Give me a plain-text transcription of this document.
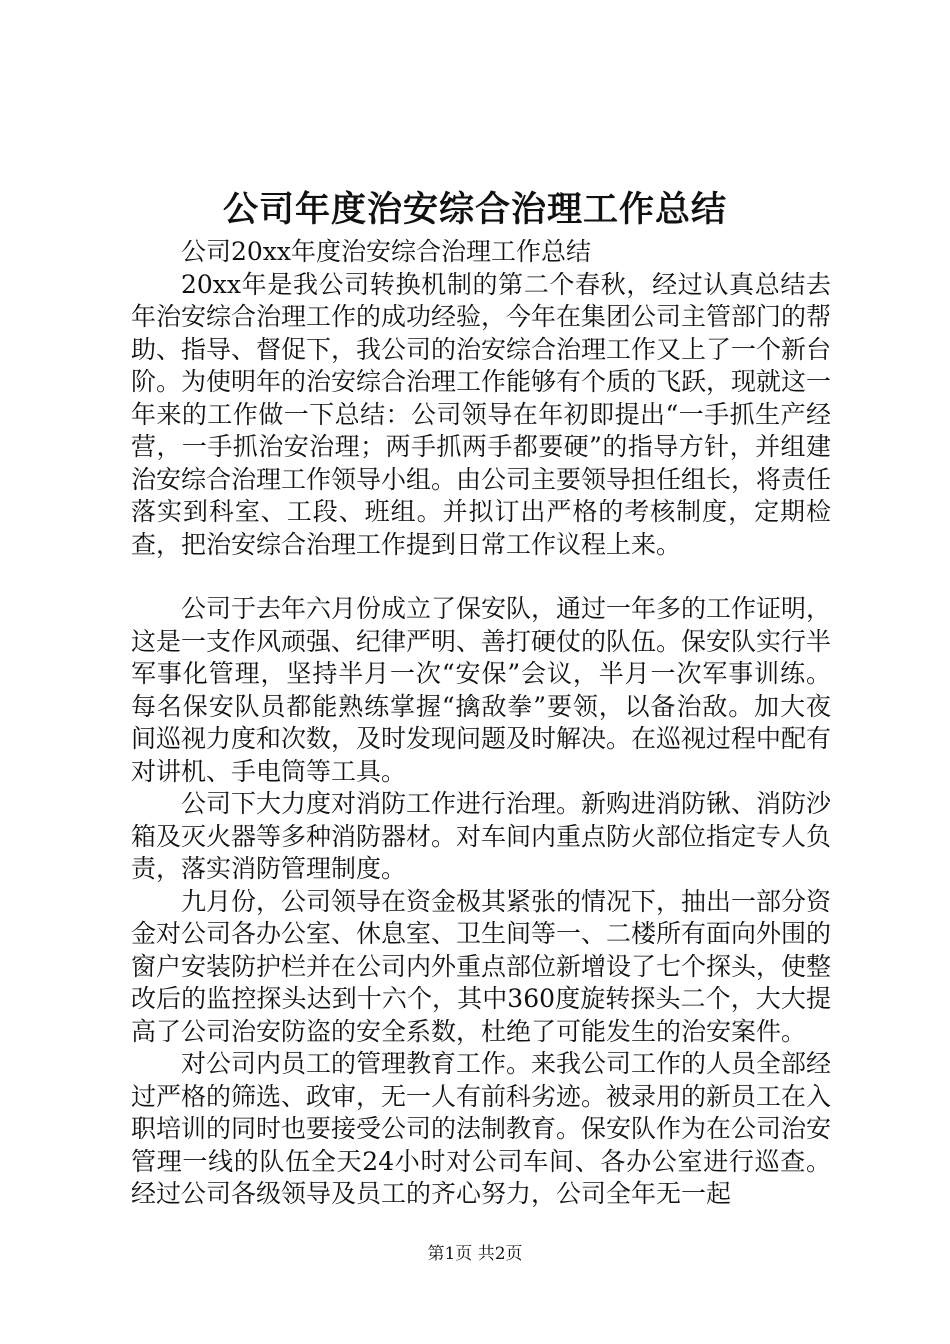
公司年度治安综合治理工作总结

公司20xx年度治安综合治理工作总结

20xx年是我公司转换机制的第二个春秋，经过认真总结去年治安综合治理工作的成功经验，今年在集团公司主管部门的帮助、指导、督促下，我公司的治安综合治理工作又上了一个新台阶。为使明年的治安综合治理工作能够有个质的飞跃，现就这一年来的工作做一下总结：公司领导在年初即提出“一手抓生产经营，一手抓治安治理；两手抓两手都要硬”的指导方针，并组建治安综合治理工作领导小组。由公司主要领导担任组长，将责任落实到科室、工段、班组。并拟订出严格的考核制度，定期检查，把治安综合治理工作提到日常工作议程上来。

公司于去年六月份成立了保安队，通过一年多的工作证明，这是一支作风顽强、纪律严明、善打硬仗的队伍。保安队实行半军事化管理，坚持半月一次“安保”会议，半月一次军事训练。每名保安队员都能熟练掌握“擒敌拳”要领，以备治敌。加大夜间巡视力度和次数，及时发现问题及时解决。在巡视过程中配有对讲机、手电筒等工具。

公司下大力度对消防工作进行治理。新购进消防锹、消防沙箱及灭火器等多种消防器材。对车间内重点防火部位指定专人负责，落实消防管理制度。

九月份，公司领导在资金极其紧张的情况下，抽出一部分资金对公司各办公室、休息室、卫生间等一、二楼所有面向外围的窗户安装防护栏并在公司内外重点部位新增设了七个探头，使整改后的监控探头达到十六个，其中360度旋转探头二个，大大提高了公司治安防盗的安全系数，杜绝了可能发生的治安案件。

对公司内员工的管理教育工作。来我公司工作的人员全部经过严格的筛选、政审，无一人有前科劣迹。被录用的新员工在入职培训的同时也要接受公司的法制教育。保安队作为在公司治安管理一线的队伍全天24小时对公司车间、各办公室进行巡查。经过公司各级领导及员工的齐心努力，公司全年无一起

第1页 共2页
